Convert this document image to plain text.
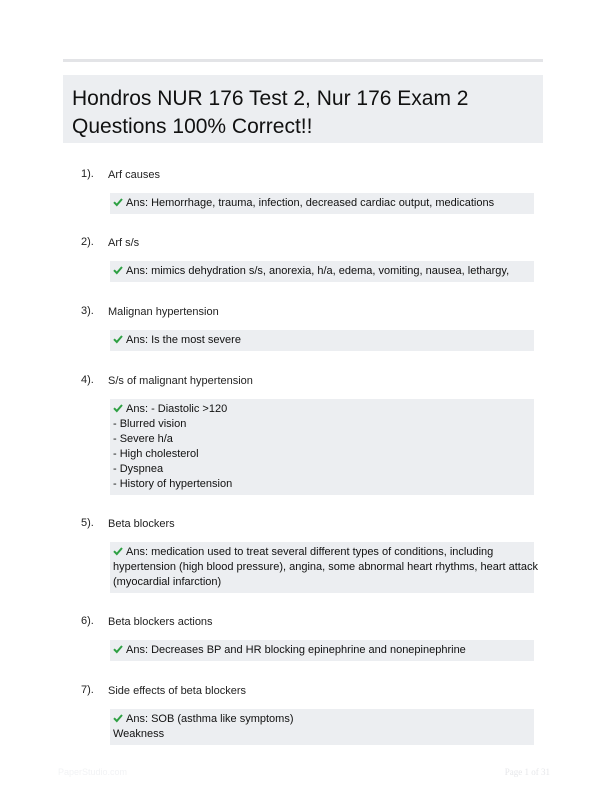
Hondros NUR 176 Test 2, Nur 176 Exam 2
Questions 100% Correct!!
1). Arf causes
Ans: Hemorrhage, trauma, infection, decreased cardiac output, medications
2). Arf s/s
Ans: mimics dehydration s/s, anorexia, h/a, edema, vomiting, nausea, lethargy,
3). Malignan hypertension
Ans: Is the most severe
4). S/s of malignant hypertension
Ans: - Diastolic >120
- Blurred vision
- Severe h/a
- High cholesterol
- Dyspnea
- History of hypertension
5). Beta blockers
Ans: medication used to treat several different types of conditions, including
hypertension (high blood pressure), angina, some abnormal heart rhythms, heart attack
(myocardial infarction)
6). Beta blockers actions
Ans: Decreases BP and HR blocking epinephrine and nonepinephrine
7). Side effects of beta blockers
Ans: SOB (asthma like symptoms)
Weakness
PaperStudio.com	Page 1 of 31
